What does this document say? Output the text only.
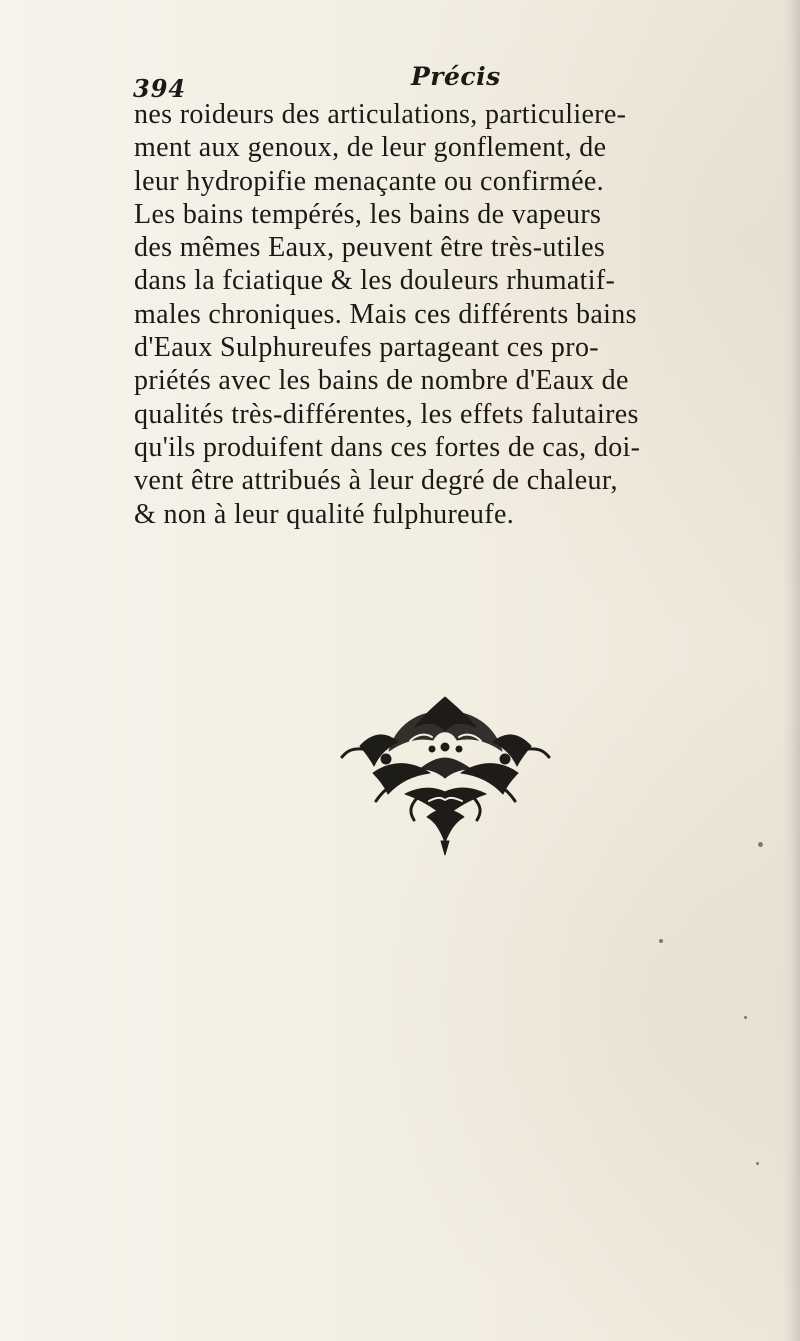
394	Précis
nes roideurs des articulations, particuliere-
ment aux genoux, de leur gonflement, de
leur hydropifie menaçante ou confirmée.
Les bains tempérés, les bains de vapeurs
des mêmes Eaux, peuvent être très-utiles
dans la fciatique & les douleurs rhumatif-
males chroniques. Mais ces différents bains
d'Eaux Sulphureufes partageant ces pro-
priétés avec les bains de nombre d'Eaux de
qualités très-différentes, les effets falutaires
qu'ils produifent dans ces fortes de cas, doi-
vent être attribués à leur degré de chaleur,
& non à leur qualité fulphureufe.
